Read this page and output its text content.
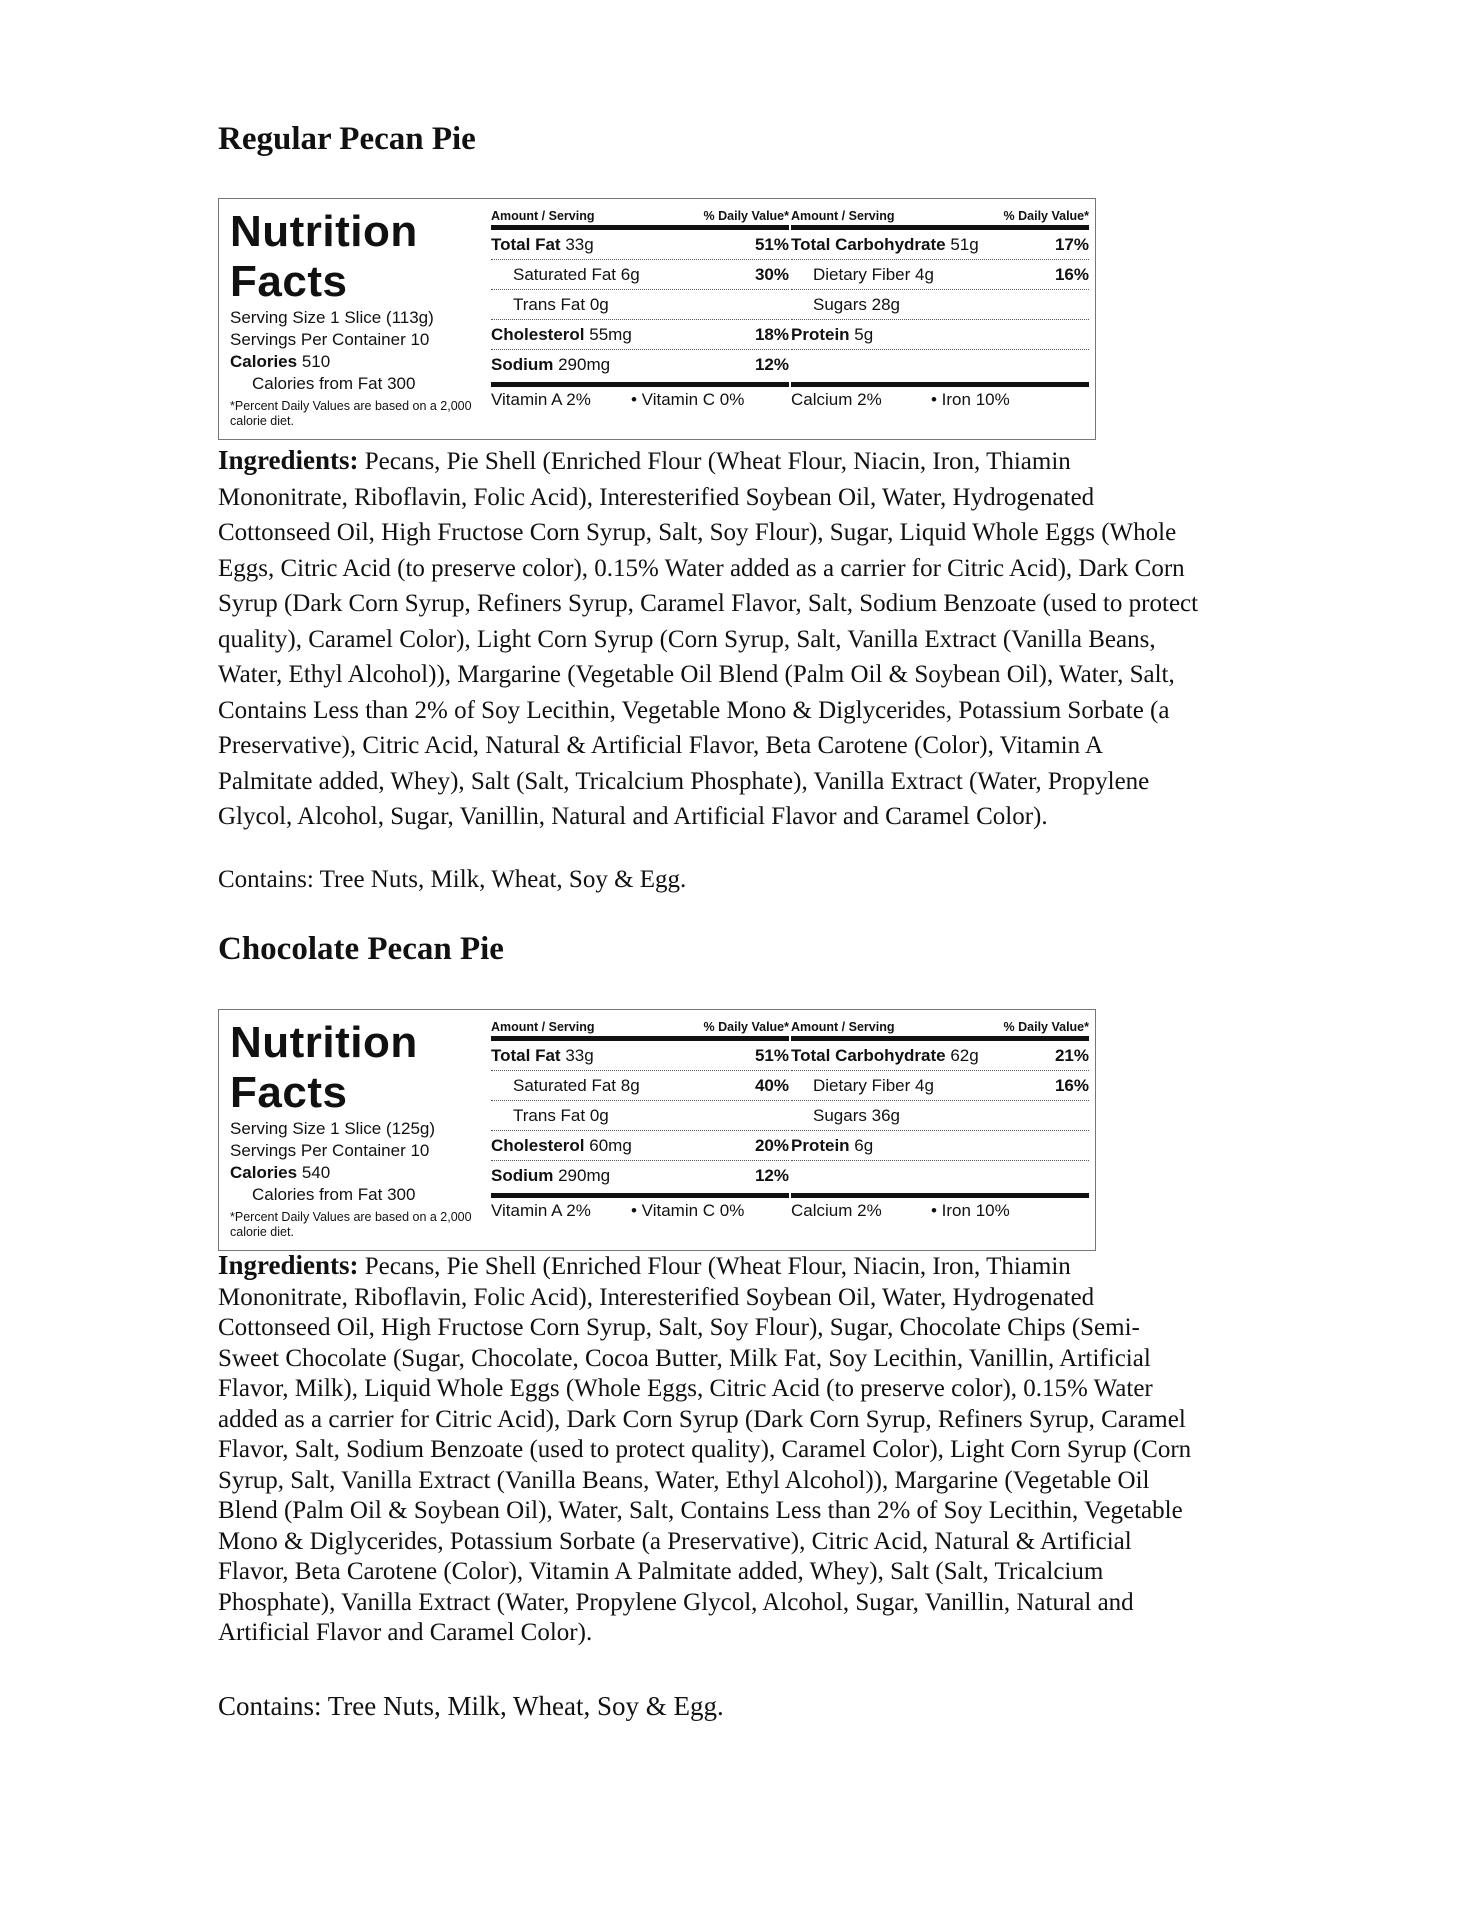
Regular Pecan Pie
Nutrition
Facts
Serving Size 1 Slice (113g)
Servings Per Container 10
Calories 510
Calories from Fat 300
*Percent Daily Values are based on a 2,000 calorie diet.
Amount / Serving	% Daily Value*
Total Fat 33g	51%
Saturated Fat 6g	30%
Trans Fat 0g
Cholesterol 55mg	18%
Sodium 290mg	12%
Vitamin A 2%	• Vitamin C 0%
Amount / Serving	% Daily Value*
Total Carbohydrate 51g	17%
Dietary Fiber 4g	16%
Sugars 28g
Protein 5g
Calcium 2%	• Iron 10%
Ingredients: Pecans, Pie Shell (Enriched Flour (Wheat Flour, Niacin, Iron, Thiamin
Mononitrate, Riboflavin, Folic Acid), Interesterified Soybean Oil, Water, Hydrogenated
Cottonseed Oil, High Fructose Corn Syrup, Salt, Soy Flour), Sugar, Liquid Whole Eggs (Whole
Eggs, Citric Acid (to preserve color), 0.15% Water added as a carrier for Citric Acid), Dark Corn
Syrup (Dark Corn Syrup, Refiners Syrup, Caramel Flavor, Salt, Sodium Benzoate (used to protect
quality), Caramel Color), Light Corn Syrup (Corn Syrup, Salt, Vanilla Extract (Vanilla Beans,
Water, Ethyl Alcohol)), Margarine (Vegetable Oil Blend (Palm Oil & Soybean Oil), Water, Salt,
Contains Less than 2% of Soy Lecithin, Vegetable Mono & Diglycerides, Potassium Sorbate (a
Preservative), Citric Acid, Natural & Artificial Flavor, Beta Carotene (Color), Vitamin A
Palmitate added, Whey), Salt (Salt, Tricalcium Phosphate), Vanilla Extract (Water, Propylene
Glycol, Alcohol, Sugar, Vanillin, Natural and Artificial Flavor and Caramel Color).

Contains: Tree Nuts, Milk, Wheat, Soy & Egg.

Chocolate Pecan Pie
Nutrition
Facts
Serving Size 1 Slice (125g)
Servings Per Container 10
Calories 540
Calories from Fat 300
*Percent Daily Values are based on a 2,000 calorie diet.
Amount / Serving	% Daily Value*
Total Fat 33g	51%
Saturated Fat 8g	40%
Trans Fat 0g
Cholesterol 60mg	20%
Sodium 290mg	12%
Vitamin A 2%	• Vitamin C 0%
Amount / Serving	% Daily Value*
Total Carbohydrate 62g	21%
Dietary Fiber 4g	16%
Sugars 36g
Protein 6g
Calcium 2%	• Iron 10%
Ingredients: Pecans, Pie Shell (Enriched Flour (Wheat Flour, Niacin, Iron, Thiamin
Mononitrate, Riboflavin, Folic Acid), Interesterified Soybean Oil, Water, Hydrogenated
Cottonseed Oil, High Fructose Corn Syrup, Salt, Soy Flour), Sugar, Chocolate Chips (Semi-
Sweet Chocolate (Sugar, Chocolate, Cocoa Butter, Milk Fat, Soy Lecithin, Vanillin, Artificial
Flavor, Milk), Liquid Whole Eggs (Whole Eggs, Citric Acid (to preserve color), 0.15% Water
added as a carrier for Citric Acid), Dark Corn Syrup (Dark Corn Syrup, Refiners Syrup, Caramel
Flavor, Salt, Sodium Benzoate (used to protect quality), Caramel Color), Light Corn Syrup (Corn
Syrup, Salt, Vanilla Extract (Vanilla Beans, Water, Ethyl Alcohol)), Margarine (Vegetable Oil
Blend (Palm Oil & Soybean Oil), Water, Salt, Contains Less than 2% of Soy Lecithin, Vegetable
Mono & Diglycerides, Potassium Sorbate (a Preservative), Citric Acid, Natural & Artificial
Flavor, Beta Carotene (Color), Vitamin A Palmitate added, Whey), Salt (Salt, Tricalcium
Phosphate), Vanilla Extract (Water, Propylene Glycol, Alcohol, Sugar, Vanillin, Natural and
Artificial Flavor and Caramel Color).

Contains: Tree Nuts, Milk, Wheat, Soy & Egg.
